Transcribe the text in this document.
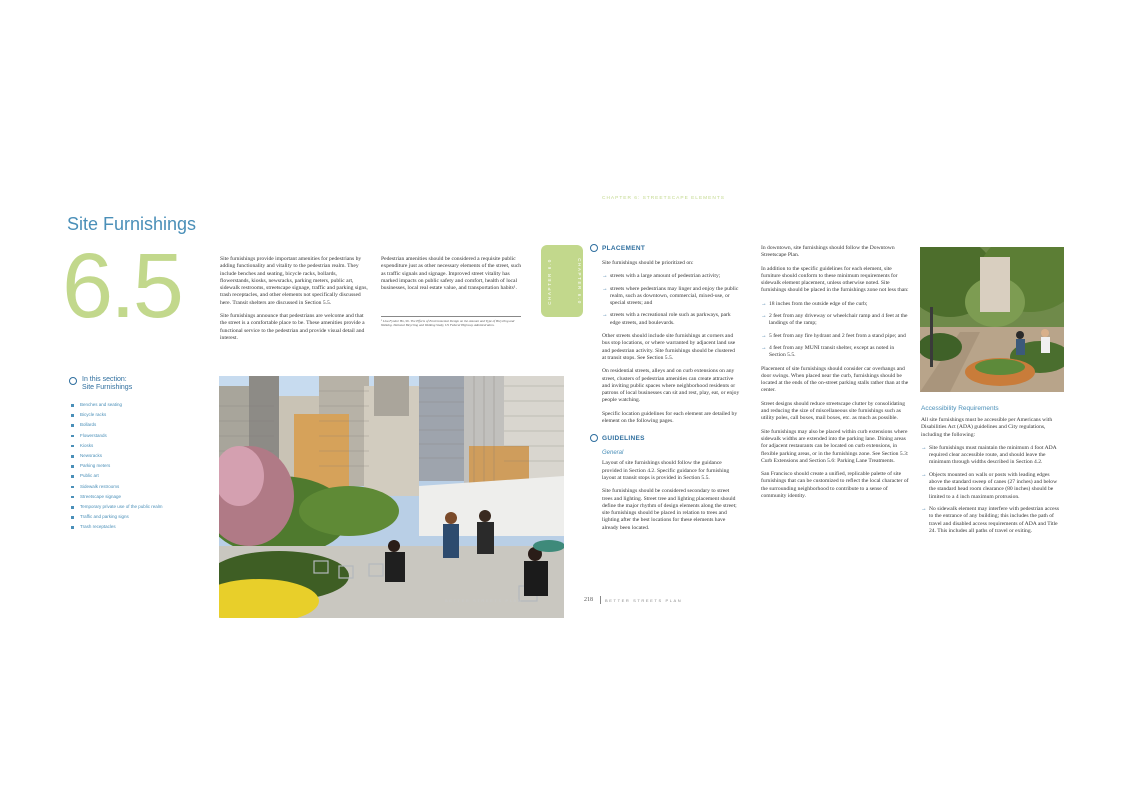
Site Furnishings
6.5	Site furnishings provide important amenities for pedestrians by adding functionality and vitality to the pedestrian realm. They include benches and seating, bicycle racks, bollards, flowerstands, kiosks, newsracks, parking meters, public art, sidewalk restrooms, streetscape signage, traffic and parking signs, trash receptacles, and other elements not specifically discussed here. Transit shelters are discussed in Section 5.5.

Site furnishings announce that pedestrians are welcome and that the street is a comfortable place to be. These amenities provide a functional service to the pedestrian and provide visual detail and interest.

Pedestrian amenities should be considered a requisite public expenditure just as other necessary elements of the street, such as traffic signals and signage. Improved street vitality has marked impacts on public safety and comfort, health of local businesses, local real estate value, and transportation habits¹.

¹ Lisa Fyodor Ho, 96. The Effects of Environmental Design on the Amount and Type of Bicycling and Walking. National Bicycling and Walking Study, US Federal Highway Administration.
In this section:
Site Furnishings
Benches and seating
Bicycle racks
Bollards
Flowerstands
Kiosks
Newsracks
Parking meters
Public art
Sidewalk restrooms
Streetscape signage
Temporary private use of the public realm
Traffic and parking signs
Trash receptacles
BETTER STREETS PLAN
CHAPTER 6: STREETSCAPE ELEMENTS
CHAPTER 6.0	CHAPTER 6.0
PLACEMENT

Site furnishings should be prioritized on:

→ streets with a large amount of pedestrian activity;
→ streets where pedestrians may linger and enjoy the public realm, such as downtown, commercial, mixed-use, or special streets; and
→ streets with a recreational role such as parkways, park edge streets, and boulevards.

Other streets should include site furnishings at corners and bus stop locations, or where warranted by adjacent land use and pedestrian activity. Site furnishings should be clustered at transit stops. See Section 5.5.

On residential streets, alleys and on curb extensions on any street, clusters of pedestrian amenities can create attractive and inviting public spaces where neighborhood residents or patrons of local businesses can sit and rest, play, eat, or enjoy people watching.

Specific location guidelines for each element are detailed by element on the following pages.

GUIDELINES
General

Layout of site furnishings should follow the guidance provided in Section 4.2. Specific guidance for furnishing layout at transit stops is provided in Section 5.5.

Site furnishings should be considered secondary to street trees and lighting. Street tree and lighting placement should define the major rhythm of design elements along the street; site furnishings should be placed in relation to trees and lighting after the best locations for these elements have already been located.

In downtown, site furnishings should follow the Downtown Streetscape Plan.

In addition to the specific guidelines for each element, site furniture should conform to these minimum requirements for sidewalk element placement, unless otherwise noted. Site furnishings should be placed in the furnishings zone not less than:

→ 18 inches from the outside edge of the curb;
→ 2 feet from any driveway or wheelchair ramp and 4 feet at the landings of the ramp;
→ 5 feet from any fire hydrant and 2 feet from a stand pipe; and
→ 4 feet from any MUNI transit shelter, except as noted in Section 5.5.

Placement of site furnishings should consider car overhangs and door swings. When placed near the curb, furnishings should be located at the ends of the on-street parking stalls rather than at the center.

Street designs should reduce streetscape clutter by consolidating and reducing the size of miscellaneous site furnishings such as utility poles, call boxes, mail boxes, etc. as much as possible.

Site furnishings may also be placed within curb extensions where sidewalk widths are extended into the parking lane. Dining areas for adjacent restaurants can be located on curb extensions, in flexible parking areas, or in the furnishings zone. See Section 5.3: Curb Extensions and Section 5.6: Parking Lane Treatments.

San Francisco should create a unified, replicable palette of site furnishings that can be customized to reflect the local character of the surrounding neighborhood to contribute to a sense of community identity.

Accessibility Requirements

All site furnishings must be accessible per Americans with Disabilities Act (ADA) guidelines and City regulations, including the following:

→ Site furnishings must maintain the minimum 4 foot ADA required clear accessible route, and should leave the minimum through widths described in Section 4.2.
→ Objects mounted on walls or posts with leading edges above the standard sweep of canes (27 inches) and below the standard head room clearance (80 inches) should be limited to a 4 inch maximum protrusion.
→ No sidewalk element may interfere with pedestrian access to the entrance of any building; this includes the path of travel and disabled access requirements of ADA and Title 24. This includes all paths of travel or exiting.
218	BETTER STREETS PLAN
